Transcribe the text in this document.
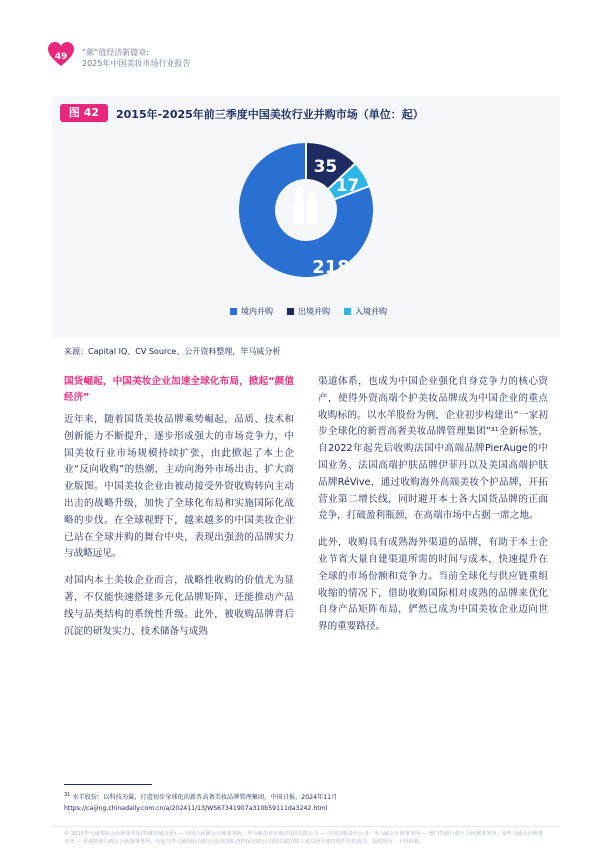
49	“颜”值经济新篇章:
2025年中国美妆市场行业报告
图 42	2015年-2025年前三季度中国美妆行业并购市场（单位：起）
218
35
17
境内并购	出境并购	入境并购
来源：Capital IQ、CV Source、公开资料整理，毕马威分析

国货崛起，中国美妆企业加速全球化布局，掀起“颜值经济”

近年来，随着国货美妆品牌乘势崛起，品质、技术和创新能力不断提升，逐步形成强大的市场竞争力，中国美妆行业市场规模持续扩张，由此掀起了本土企业“反向收购”的热潮，主动向海外市场出击，扩大商业版图。中国美妆企业由被动接受外资收购转向主动出击的战略升级，加快了全球化布局和实施国际化战略的步伐。在全球视野下，越来越多的中国美妆企业已站在全球并购的舞台中央，表现出强劲的品牌实力与战略远见。

对国内本土美妆企业而言，战略性收购的价值尤为显著，不仅能快速搭建多元化品牌矩阵，还能推动产品线与品类结构的系统性升级。此外，被收购品牌背后沉淀的研发实力、技术储备与成熟

渠道体系，也成为中国企业强化自身竞争力的核心资产，使得外资高端个护美妆品牌成为中国企业的重点收购标的。以水羊股份为例，企业初步构建出“一家初步全球化的新晋高奢美妆品牌管理集团”³¹全新标签，自2022年起先后收购法国中高端品牌PierAuge的中国业务、法国高端护肤品牌伊菲丹以及美国高端护肤品牌RéVive，通过收购海外高端美妆个护品牌，开拓营业第二增长线，同时避开本土各大国货品牌的正面竞争，打破盈利瓶颈，在高端市场中占据一席之地。

此外，收购具有成熟海外渠道的品牌，有助于本土企业节省大量自建渠道所需的时间与成本，快速提升在全球的市场份额和竞争力。当前全球化与供应链重组收缩的情况下，借助收购国际相对成熟的品牌来优化自身产品矩阵布局，俨然已成为中国美妆企业迈向世界的重要路径。

$^{31}$ 水羊股份：以科技为翼，打造初步全球化的新晋高奢美妆品牌管理集团，中国日报，2024年11月
https://caijing.chinadaily.com.cn/a/202411/13/WS67341907a310b59111da3242.html
© 2025毕马威华振会计师事务所(特殊普通合伙) — 中国合伙制会计师事务所，毕马威企业咨询(中国)有限公司 — 中国有限责任公司，毕马威会计师事务所 — 澳门特别行政区合伙制事务所，及毕马威会计师事务所 — 香港特别行政区合伙制事务所，均是与毕马威国际有限公司(英国私营担保有限公司)相关联的独立成员所全球性组织中的成员。版权所有，不得转载。
